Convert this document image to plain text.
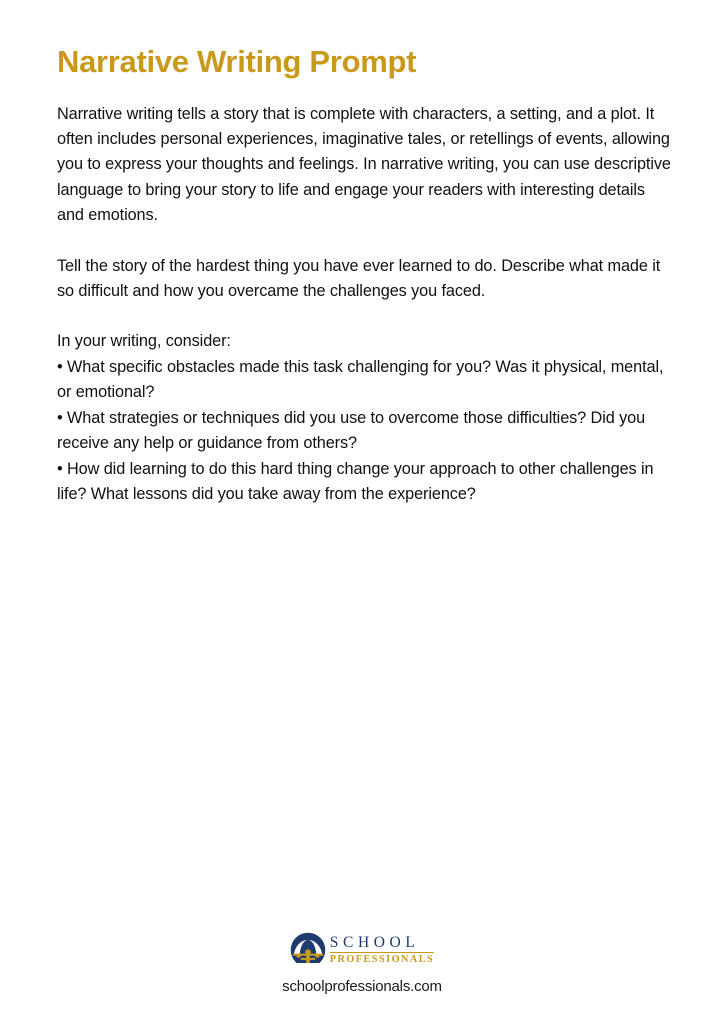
Narrative Writing Prompt

Narrative writing tells a story that is complete with characters, a setting, and a plot. It often includes personal experiences, imaginative tales, or retellings of events, allowing you to express your thoughts and feelings. In narrative writing, you can use descriptive language to bring your story to life and engage your readers with interesting details and emotions.

Tell the story of the hardest thing you have ever learned to do. Describe what made it so difficult and how you overcame the challenges you faced.

In your writing, consider:

• What specific obstacles made this task challenging for you? Was it physical, mental, or emotional?

• What strategies or techniques did you use to overcome those difficulties? Did you receive any help or guidance from others?

• How did learning to do this hard thing change your approach to other challenges in life? What lessons did you take away from the experience?

SCHOOL
PROFESSIONALS
schoolprofessionals.com
